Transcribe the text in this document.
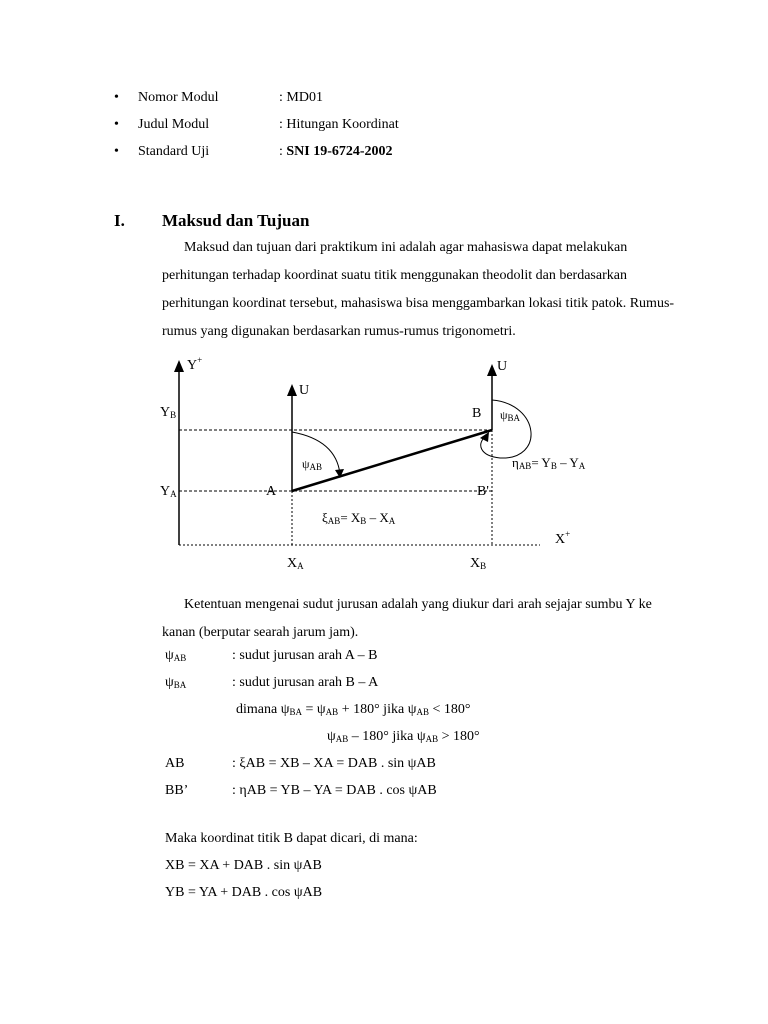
• Nomor Modul	: MD01
• Judul Modul	: Hitungan Koordinat
• Standard Uji	: SNI 19-6724-2002
I. Maksud dan Tujuan
Maksud dan tujuan dari praktikum ini adalah agar mahasiswa dapat melakukan perhitungan terhadap koordinat suatu titik menggunakan theodolit dan berdasarkan perhitungan koordinat tersebut, mahasiswa bisa menggambarkan lokasi titik patok. Rumus-rumus yang digunakan berdasarkan rumus-rumus trigonometri.
Y+
X+
U
U
YB
YA
XA	XB
A
B
B'
ψAB
ψBA
ηAB= YB – YA
ξAB= XB – XA
Ketentuan mengenai sudut jurusan adalah yang diukur dari arah sejajar sumbu Y ke kanan (berputar searah jarum jam).
$\psi_{AB}$	: sudut jurusan arah A – B
$\psi_{BA}$	: sudut jurusan arah B – A
dimana $\psi_{BA} = \psi_{AB} + 180^\circ$ jika $\psi_{AB} < 180^\circ$
$\psi_{AB} - 180^\circ$ jika $\psi_{AB} > 180^\circ$
AB	: ξAB = XB – XA = DAB . sin ψAB
BB’	: ηAB = YB – YA = DAB . cos ψAB
Maka koordinat titik B dapat dicari, di mana:
XB = XA + DAB . sin ψAB
YB = YA + DAB . cos ψAB
